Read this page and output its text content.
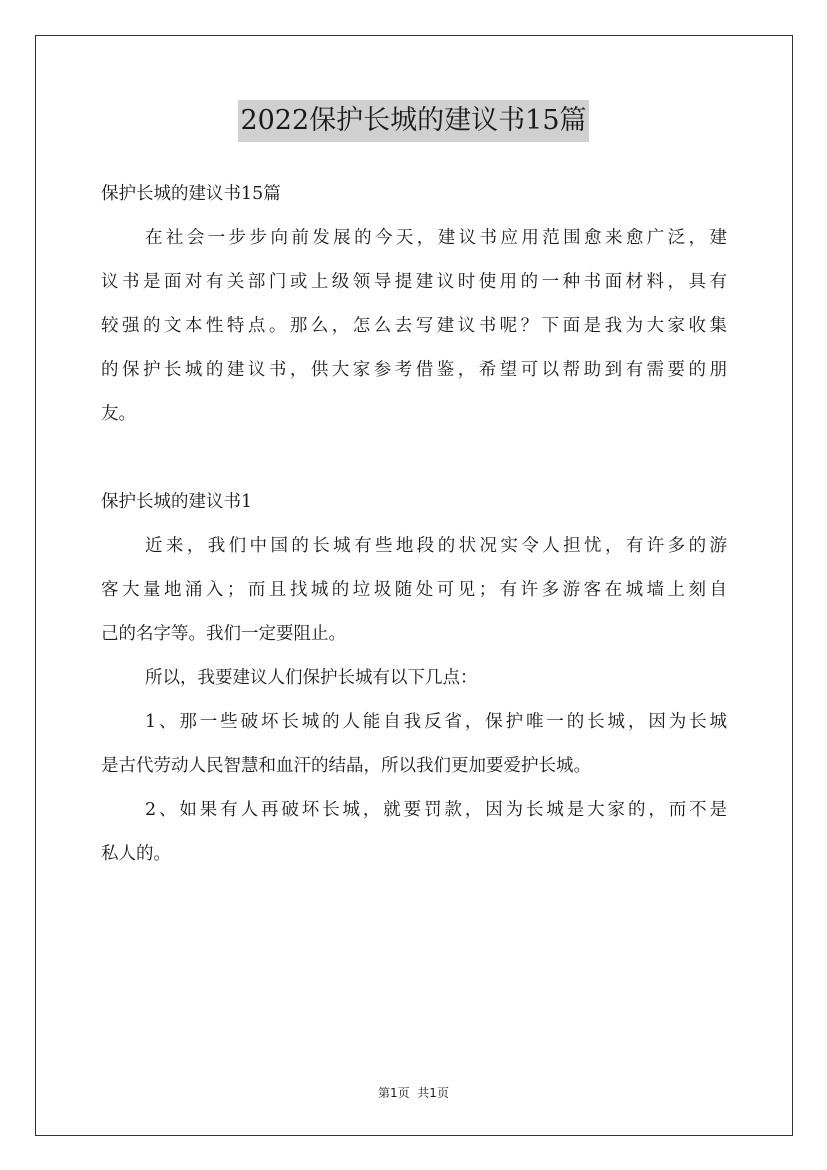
2022保护长城的建议书15篇
保护长城的建议书15篇
在社会一步步向前发展的今天，建议书应用范围愈来愈广泛，建
议书是面对有关部门或上级领导提建议时使用的一种书面材料，具有
较强的文本性特点。那么，怎么去写建议书呢？下面是我为大家收集
的保护长城的建议书，供大家参考借鉴，希望可以帮助到有需要的朋
友。
保护长城的建议书1
近来，我们中国的长城有些地段的状况实令人担忧，有许多的游
客大量地涌入；而且找城的垃圾随处可见；有许多游客在城墙上刻自
己的名字等。我们一定要阻止。
所以，我要建议人们保护长城有以下几点：
1、那一些破坏长城的人能自我反省，保护唯一的长城，因为长城
是古代劳动人民智慧和血汗的结晶，所以我们更加要爱护长城。
2、如果有人再破坏长城，就要罚款，因为长城是大家的，而不是
私人的。
第1页  共1页
